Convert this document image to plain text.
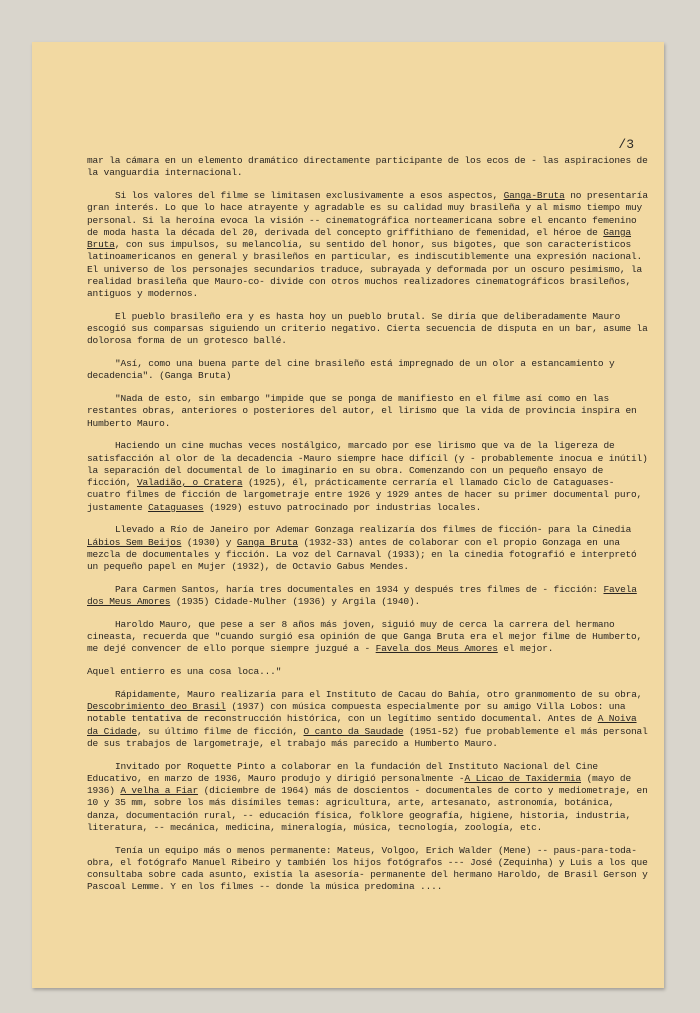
/3

mar la cámara en un elemento dramático directamente participante de los ecos de - las aspiraciones de la vanguardia internacional.

Si los valores del filme se limitasen exclusivamente a esos aspectos, Ganga-Bruta no presentaría gran interés. Lo que lo hace atrayente y agradable es su calidad muy brasileña y al mismo tiempo muy personal. Si la heroína evoca la visión -- cinematográfica norteamericana sobre el encanto femenino de moda hasta la década del 20, derivada del concepto griffithiano de femenidad, el héroe de Ganga Bruta, con sus impulsos, su melancolía, su sentido del honor, sus bigotes, que son característicos latinoamericanos en general y brasileños en particular, es indiscutiblemente una expresión nacional. El universo de los personajes secundarios traduce, subrayada y deformada por un oscuro pesimismo, la realidad brasileña que Mauro-co- divide con otros muchos realizadores cinematográficos brasileños, antiguos y modernos.

El pueblo brasileño era y es hasta hoy un pueblo brutal. Se diría que deliberadamente Mauro escogió sus comparsas siguiendo un criterio negativo. Cierta secuencia de disputa en un bar, asume la dolorosa forma de un grotesco ballé.

"Así, como una buena parte del cine brasileño está impregnado de un olor a estancamiento y decadencia". (Ganga Bruta)

"Nada de esto, sin embargo "impide que se ponga de manifiesto en el filme así como en las restantes obras, anteriores o posteriores del autor, el lirismo que la vida de provincia inspira en Humberto Mauro.

Haciendo un cine muchas veces nostálgico, marcado por ese lirismo que va de la ligereza de satisfacción al olor de la decadencia -Mauro siempre hace difícil (y - probablemente inocua e inútil) la separación del documental de lo imaginario en su obra. Comenzando con un pequeño ensayo de ficción, Valadião, o Cratera (1925), él, prácticamente cerraría el llamado Ciclo de Cataguases- cuatro filmes de ficción de largometraje entre 1926 y 1929 antes de hacer su primer documental puro, justamente Cataguases (1929) estuvo patrocinado por industrias locales.

Llevado a Río de Janeiro por Ademar Gonzaga realizaría dos filmes de ficción- para la Cinedia Lábios Sem Beijos (1930) y Ganga Bruta (1932-33) antes de colaborar con el propio Gonzaga en una mezcla de documentales y ficción. La voz del Carnaval (1933); en la cinedia fotografió e interpretó un pequeño papel en Mujer (1932), de Octavio Gabus Mendes.

Para Carmen Santos, haría tres documentales en 1934 y después tres filmes de - ficción: Favela dos Meus Amores (1935) Cidade-Mulher (1936) y Argila (1940).

Haroldo Mauro, que pese a ser 8 años más joven, siguió muy de cerca la carrera del hermano cineasta, recuerda que "cuando surgió esa opinión de que Ganga Bruta era el mejor filme de Humberto, me dejé convencer de ello porque siempre juzgué a - Favela dos Meus Amores el mejor.

Aquel entierro es una cosa loca..."

Rápidamente, Mauro realizaría para el Instituto de Cacau do Bahía, otro granmomento de su obra, Descobrimiento deo Brasil (1937) con música compuesta especialmente por su amigo Villa Lobos: una notable tentativa de reconstrucción histórica, con un legítimo sentido documental. Antes de A Noiva da Cidade, su último filme de ficción, O canto da Saudade (1951-52) fue probablemente el más personal de sus trabajos de largometraje, el trabajo más parecido a Humberto Mauro.

Invitado por Roquette Pinto a colaborar en la fundación del Instituto Nacional del Cine Educativo, en marzo de 1936, Mauro produjo y dirigió personalmente -A Licao de Taxidermia (mayo de 1936) A velha a Fiar (diciembre de 1964) más de doscientos - documentales de corto y mediometraje, en 10 y 35 mm, sobre los más disímiles temas: agricultura, arte, artesanato, astronomía, botánica, danza, documentación rural, -- educación física, folklore geografía, higiene, historia, industria, literatura, -- mecánica, medicina, mineralogía, música, tecnología, zoología, etc.

Tenía un equipo más o menos permanente: Mateus, Volgoo, Erich Walder (Mene) -- paus-para-toda-obra, el fotógrafo Manuel Ribeiro y también los hijos fotógrafos --- José (Zequinha) y Luis a los que consultaba sobre cada asunto, existía la asesoría- permanente del hermano Haroldo, de Brasil Gerson y Pascoal Lemme. Y en los filmes -- donde la música predomina ....
